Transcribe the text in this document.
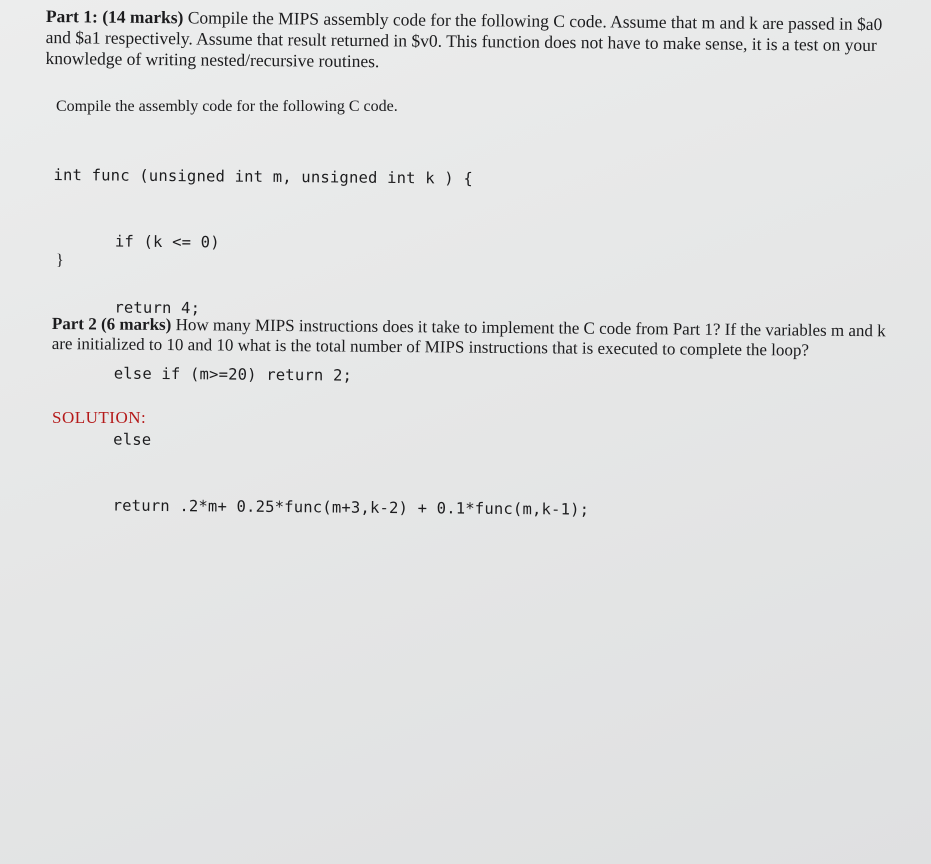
Part 1: (14 marks) Compile the MIPS assembly code for the following C code. Assume that m and k are passed in $a0 and $a1 respectively. Assume that result returned in $v0. This function does not have to make sense, it is a test on your knowledge of writing nested/recursive routines.
Compile the assembly code for the following C code.

int func (unsigned int m, unsigned int k ) {

if (k <= 0)

return 4;

else if (m>=20) return 2;

else

return .2*m+ 0.25*func(m+3,k-2) + 0.1*func(m,k-1);

}
Part 2 (6 marks) How many MIPS instructions does it take to implement the C code from Part 1? If the variables m and k are initialized to 10 and 10 what is the total number of MIPS instructions that is executed to complete the loop?
SOLUTION:
